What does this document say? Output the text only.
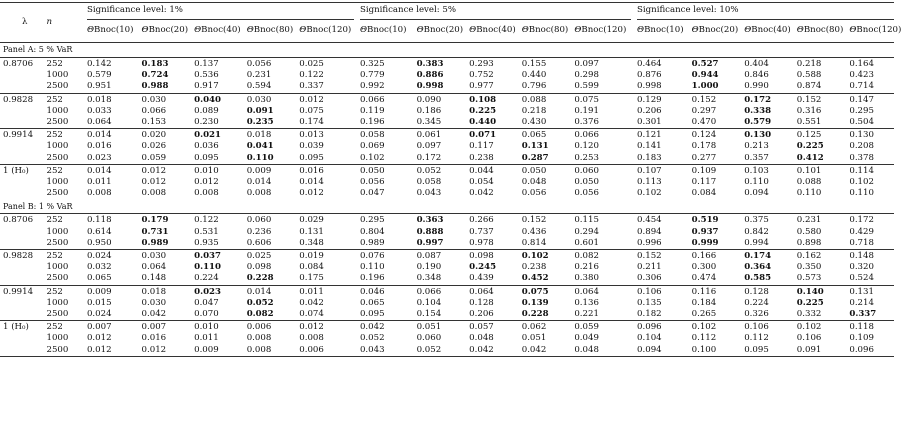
λ	n	Significance level: 1%						Significance level: 5%						Significance level: 10%				
		ΘBnoc(10)	ΘBnoc(20)	ΘBnoc(40)	ΘBnoc(80)	ΘBnoc(120)		ΘBnoc(10)	ΘBnoc(20)	ΘBnoc(40)	ΘBnoc(80)	ΘBnoc(120)		ΘBnoc(10)	ΘBnoc(20)	ΘBnoc(40)	ΘBnoc(80)	ΘBnoc(120)
Panel A: 5 % VaR																		
0.8706	252	0.142	0.183	0.137	0.056	0.025		0.325	0.383	0.293	0.155	0.097		0.464	0.527	0.404	0.218	0.164
	1000	0.579	0.724	0.536	0.231	0.122		0.779	0.886	0.752	0.440	0.298		0.876	0.944	0.846	0.588	0.423
	2500	0.951	0.988	0.917	0.594	0.337		0.992	0.998	0.977	0.796	0.599		0.998	1.000	0.990	0.874	0.714
0.9828	252	0.018	0.030	0.040	0.030	0.012		0.066	0.090	0.108	0.088	0.075		0.129	0.152	0.172	0.152	0.147
	1000	0.033	0.066	0.089	0.091	0.075		0.119	0.186	0.225	0.218	0.191		0.206	0.297	0.338	0.316	0.295
	2500	0.064	0.153	0.230	0.235	0.174		0.196	0.345	0.440	0.430	0.376		0.301	0.470	0.579	0.551	0.504
0.9914	252	0.014	0.020	0.021	0.018	0.013		0.058	0.061	0.071	0.065	0.066		0.121	0.124	0.130	0.125	0.130
	1000	0.016	0.026	0.036	0.041	0.039		0.069	0.097	0.117	0.131	0.120		0.141	0.178	0.213	0.225	0.208
	2500	0.023	0.059	0.095	0.110	0.095		0.102	0.172	0.238	0.287	0.253		0.183	0.277	0.357	0.412	0.378
1 (H₀)	252	0.014	0.012	0.010	0.009	0.016		0.050	0.052	0.044	0.050	0.060		0.107	0.109	0.103	0.101	0.114
	1000	0.011	0.012	0.012	0.014	0.014		0.056	0.058	0.054	0.048	0.050		0.113	0.117	0.110	0.088	0.102
	2500	0.008	0.008	0.008	0.008	0.012		0.047	0.043	0.042	0.056	0.056		0.102	0.084	0.094	0.110	0.110
Panel B: 1 % VaR																		
0.8706	252	0.118	0.179	0.122	0.060	0.029		0.295	0.363	0.266	0.152	0.115		0.454	0.519	0.375	0.231	0.172
	1000	0.614	0.731	0.531	0.236	0.131		0.804	0.888	0.737	0.436	0.294		0.894	0.937	0.842	0.580	0.429
	2500	0.950	0.989	0.935	0.606	0.348		0.989	0.997	0.978	0.814	0.601		0.996	0.999	0.994	0.898	0.718
0.9828	252	0.024	0.030	0.037	0.025	0.019		0.076	0.087	0.098	0.102	0.082		0.152	0.166	0.174	0.162	0.148
	1000	0.032	0.064	0.110	0.098	0.084		0.110	0.190	0.245	0.238	0.216		0.211	0.300	0.364	0.350	0.320
	2500	0.065	0.148	0.224	0.228	0.175		0.196	0.348	0.439	0.452	0.380		0.306	0.474	0.585	0.573	0.524
0.9914	252	0.009	0.018	0.023	0.014	0.011		0.046	0.066	0.064	0.075	0.064		0.106	0.116	0.128	0.140	0.131
	1000	0.015	0.030	0.047	0.052	0.042		0.065	0.104	0.128	0.139	0.136		0.135	0.184	0.224	0.225	0.214
	2500	0.024	0.042	0.070	0.082	0.074		0.095	0.154	0.206	0.228	0.221		0.182	0.265	0.326	0.332	0.337
1 (H₀)	252	0.007	0.007	0.010	0.006	0.012		0.042	0.051	0.057	0.062	0.059		0.096	0.102	0.106	0.102	0.118
	1000	0.012	0.016	0.011	0.008	0.008		0.052	0.060	0.048	0.051	0.049		0.104	0.112	0.112	0.106	0.109
	2500	0.012	0.012	0.009	0.008	0.006		0.043	0.052	0.042	0.042	0.048		0.094	0.100	0.095	0.091	0.096
